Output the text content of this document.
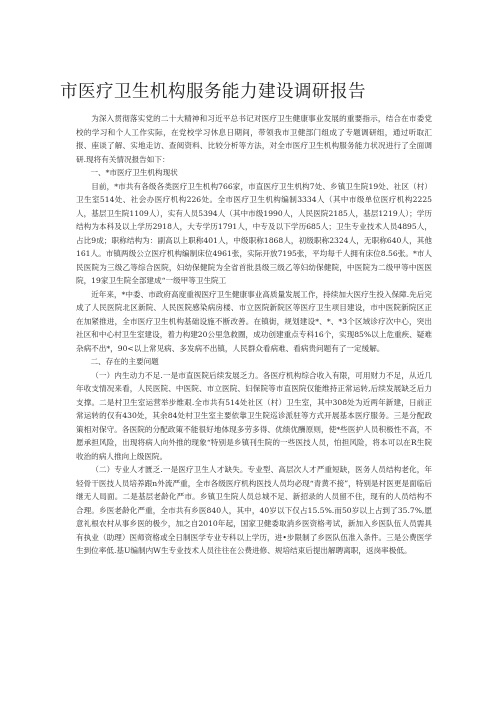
市医疗卫生机构服务能力建设调研报告

为深入贯彻落实党的二十大精神和习近平总书记对医疗卫生健康事业发展的重要指示，结合在市委党校的学习和个人工作实际，在党校学习休息日期间，带领我市卫健部门组成了专题调研组，通过听取汇报、座谈了解、实地走访、查阅资料、比较分析等方法，对全市医疗卫生机构服务能力状况进行了全面调研.现将有关情况报告如下：

一、*市医疗卫生机构现状

目前，*市共有各级各类医疗卫生机构766家，市直医疗卫生机构7处、乡镇卫生院19处、社区（村）卫生室514处、社会办医疗机构226处。全市医疗卫生机构编制3334人（其中市级单位医疗机构2225人，基层卫生院1109人），实有人员5394人（其中市级1990人，人民医院2185人，基层1219人）；学历结构为本科及以上学历2918人，大专学历1791人，中专及以下学历685人；卫生专业技术人员4895人，占比9成；职称结构为：副高以上职称401人，中级职称1868人，初级职称2324人，无职称640人，其他161人。市镇两级公立医疗机构编制床位4961张，实际开放7195张，平均每千人拥有床位8.56张。*市人民医院为三级乙等综合医院，妇幼保健院为全省首批县级三级乙等妇幼保健院，中医院为二级甲等中医医院，19家卫生院全部建成“一级甲等卫生院工

近年来，*中委、市政府高度重视医疗卫生健康事业高质量发展工作，持续加大医疗生投入保障.先后完成了人民医院北区新院、人民医院感染病房楼、市立医院新院区等医疗卫生项目建设，市中医院新院区正在加紧推进，全市医疗卫生机构基础设施不断改善。在镇街，规划建设*、*、*3个区域诊疗次中心，突出社区和中心村卫生室建设，着力构建20公里急救圈，成功创建重点专科16个，实现85%以上危重疾、疑难杂病不出*，90<以上常见病、多发病不出镇，人民群众看病难、看病贵问题有了一定缓解。

二、存在的主要问题

（一）内生动力不足.一是市直医院后续发展乏力。各医疗机构综合收入有限，可用财力不足，从近几年收支情况来看，人民医院、中医院、市立医院、妇保院等市直医院仅能维持正常运转,后续发展缺乏后力支撑。二是村卫生室运营举步维艰.全市共有514处社区（村）卫生室，其中308处为近两年新建，日前正常运转的仅有430处，其余84处村卫生室主要依靠卫生院巡诊派驻等方式开展基本医疗服务。三是分配政策相对保守。各医院的分配政策不能很好地体现多劳多得、优绩优酬原则，使*些医护人员积极性不高，不愿承担风险，出现将病人向外推的现象“特别是乡镇刊生院的一些医技人员，怕担风险，将本可以在R生院收治的病人推向上级医院。

（二）专业人才匮乏.一是医疗卫生人才缺失。专业型、高层次人才严重短缺，医务人员结构老化，年轻骨干医技人员培养跟n外流严重，全市各级医疗机构医技人员均必现“青黄不接”，特别是村医更是面临后继无人局面。二是基层老龄化严市。乡镇卫生院人员总城不足、新招录的人员留不住，现有的人员结构不合理。乡医老龄化严重，全市共有乡医840人，其中，40岁以下仅占15.5%.而50岁以上占到了35.7%,愿意礼根农村从事乡医的极少，加之自2010年起，国家卫健委取消乡医资格考试，新加入乡医队伍人员需具有执业（助理）医师资格或全日制医学专业专科以上学历，进•步限制了乡医队伍准入条件。三是公费医学生到位率低.基U编制内W生专业技术人员往往在公费进修、规培结束后提出解聘离职，返岗率极低。
